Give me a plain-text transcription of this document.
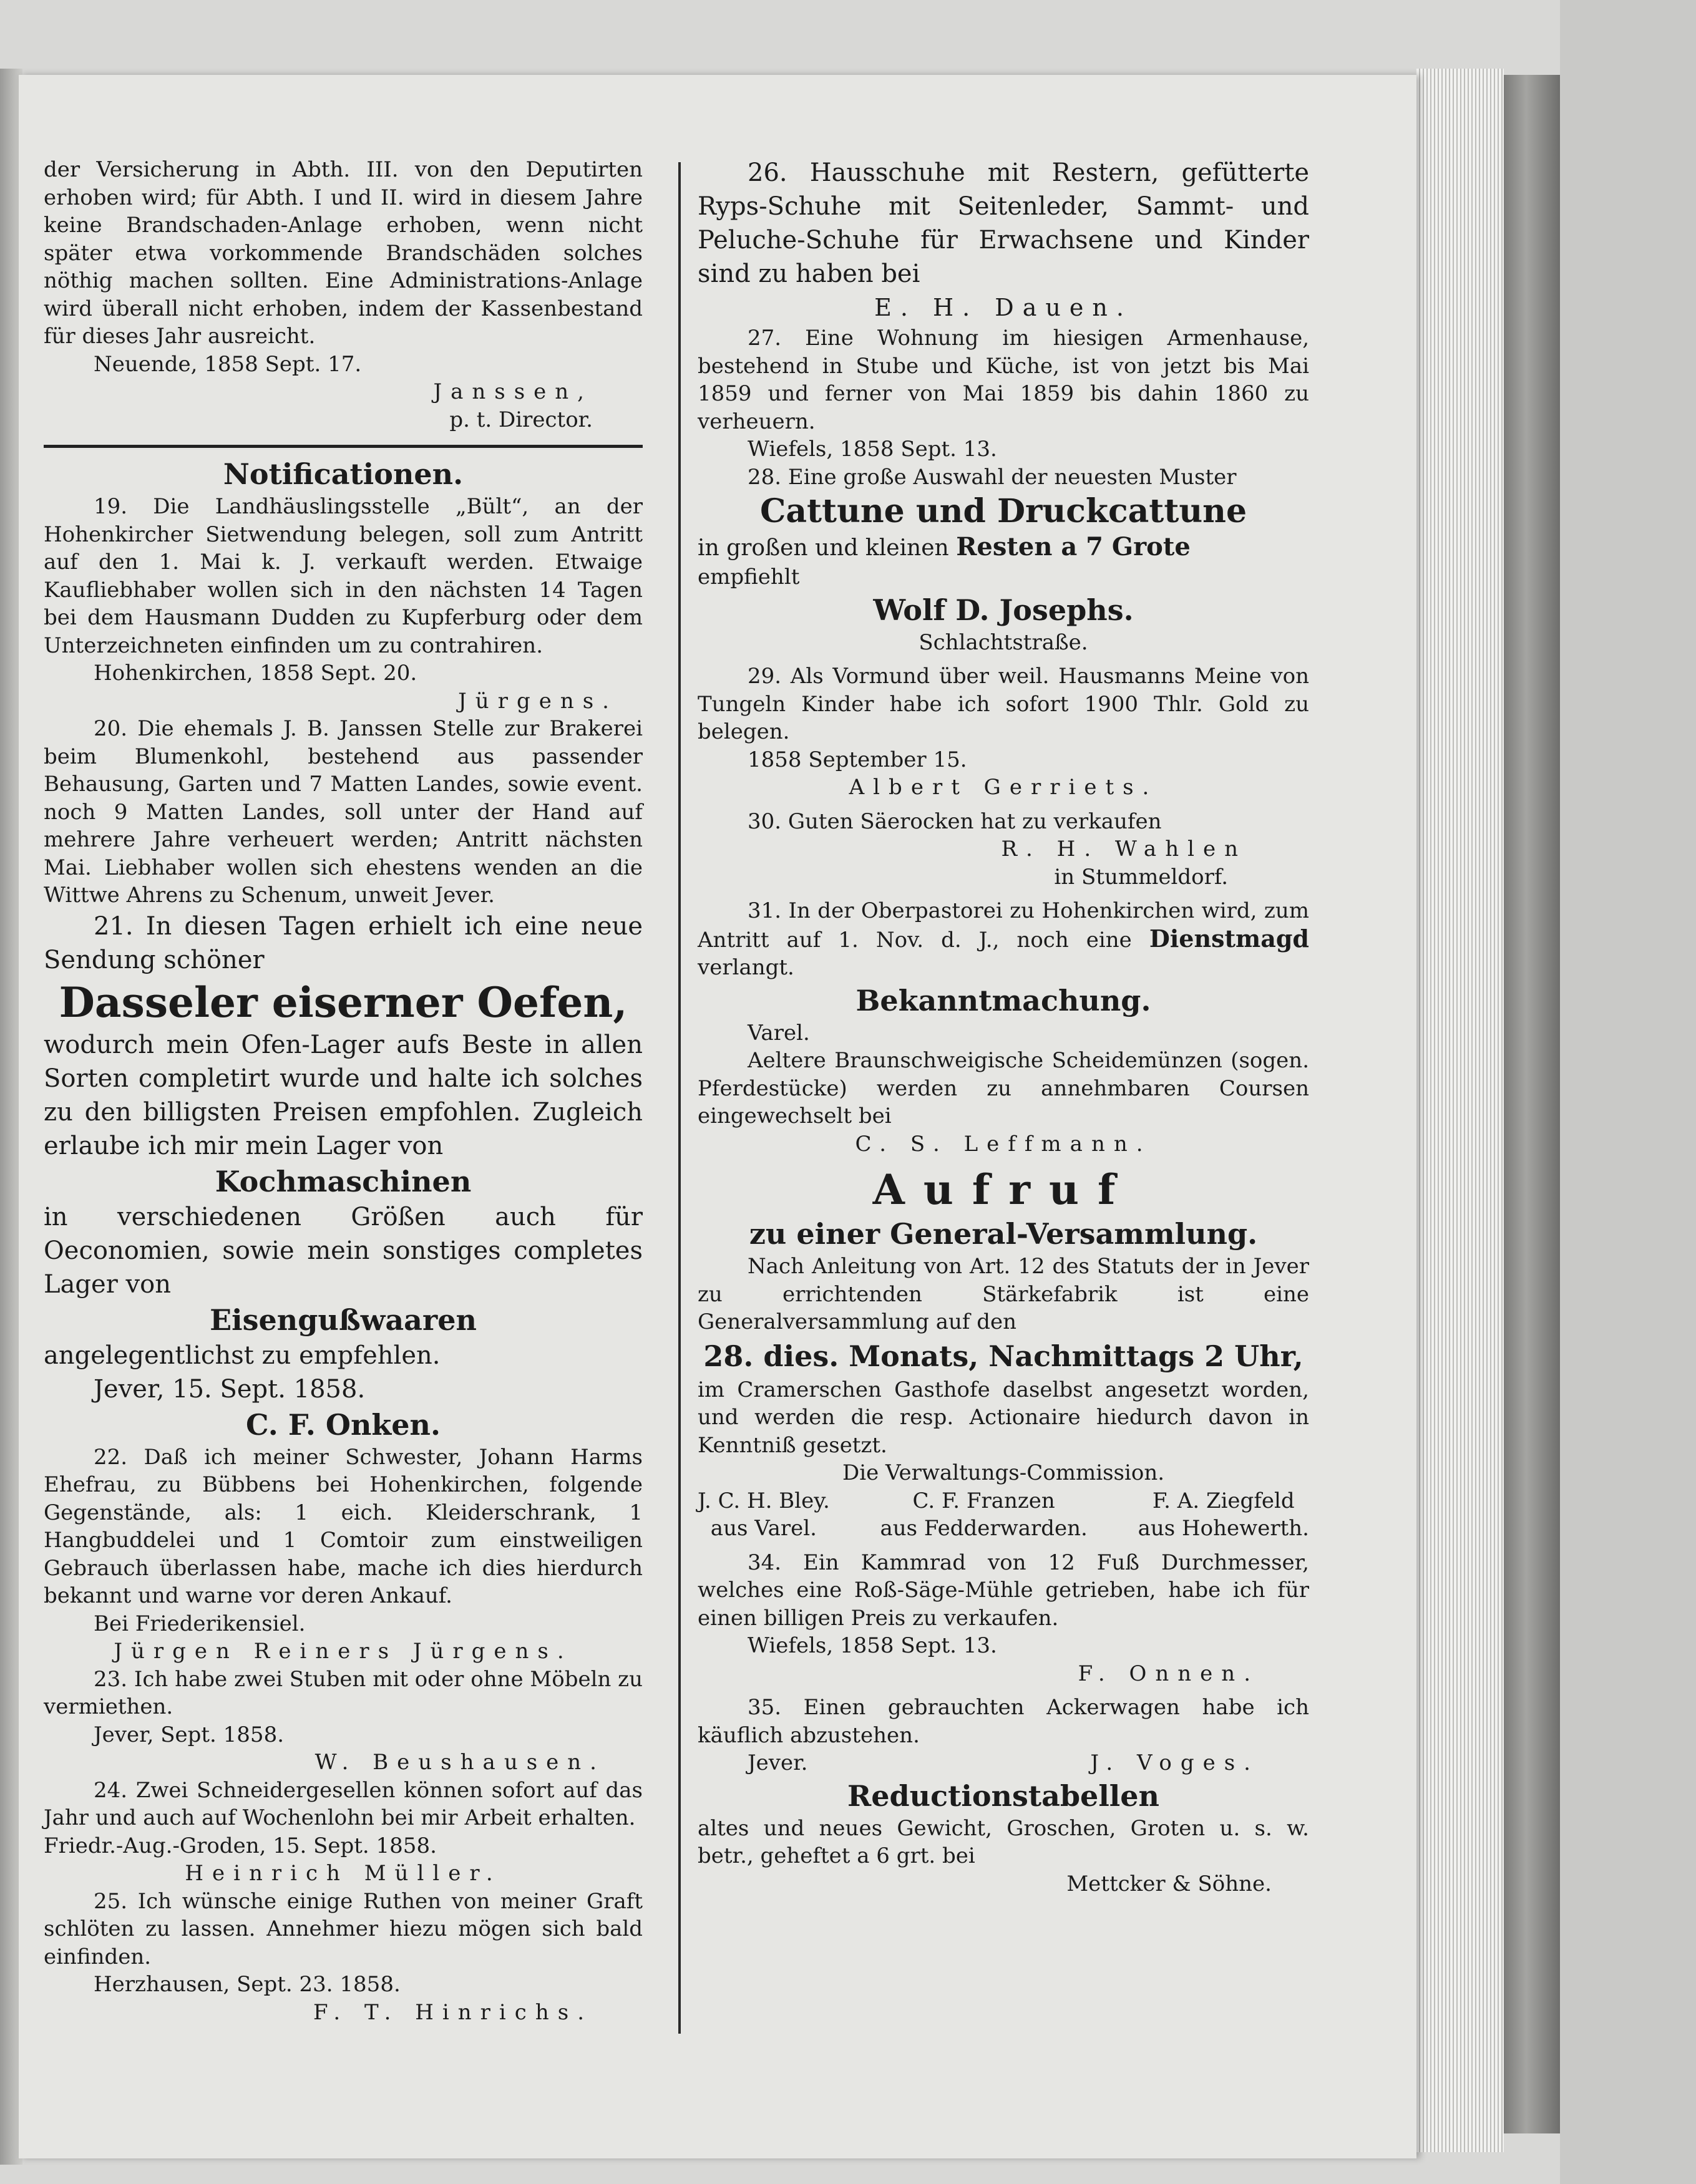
der Versicherung in Abth. III. von den Deputirten erhoben wird; für Abth. I und II. wird in diesem Jahre keine Brandschaden-Anlage erhoben, wenn nicht später etwa vorkommende Brandschäden solches nöthig machen sollten. Eine Administrations-Anlage wird überall nicht erhoben, indem der Kassenbestand für dieses Jahr ausreicht.

Neuende, 1858 Sept. 17.

Janssen,

p. t. Director.

Notificationen.

19. Die Landhäuslingsstelle „Bült“, an der Hohenkircher Sietwendung belegen, soll zum Antritt auf den 1. Mai k. J. verkauft werden. Etwaige Kaufliebhaber wollen sich in den nächsten 14 Tagen bei dem Hausmann Dudden zu Kupferburg oder dem Unterzeichneten einfinden um zu contrahiren.

Hohenkirchen, 1858 Sept. 20.

Jürgens.

20. Die ehemals J. B. Janssen Stelle zur Brakerei beim Blumenkohl, bestehend aus passender Behausung, Garten und 7 Matten Landes, sowie event. noch 9 Matten Landes, soll unter der Hand auf mehrere Jahre verheuert werden; Antritt nächsten Mai. Liebhaber wollen sich ehestens wenden an die Wittwe Ahrens zu Schenum, unweit Jever.

21. In diesen Tagen erhielt ich eine neue Sendung schöner

Dasseler eiserner Oefen,

wodurch mein Ofen-Lager aufs Beste in allen Sorten completirt wurde und halte ich solches zu den billigsten Preisen empfohlen. Zugleich erlaube ich mir mein Lager von

Kochmaschinen

in verschiedenen Größen auch für Oeconomien, sowie mein sonstiges completes Lager von

Eisengußwaaren

angelegentlichst zu empfehlen.

Jever, 15. Sept. 1858.

C. F. Onken.

22. Daß ich meiner Schwester, Johann Harms Ehefrau, zu Bübbens bei Hohenkirchen, folgende Gegenstände, als: 1 eich. Kleiderschrank, 1 Hangbuddelei und 1 Comtoir zum einstweiligen Gebrauch überlassen habe, mache ich dies hierdurch bekannt und warne vor deren Ankauf.

Bei Friederikensiel.

Jürgen Reiners Jürgens.

23. Ich habe zwei Stuben mit oder ohne Möbeln zu vermiethen.

Jever, Sept. 1858.

W. Beushausen.

24. Zwei Schneidergesellen können sofort auf das Jahr und auch auf Wochenlohn bei mir Arbeit erhalten.

Friedr.-Aug.-Groden, 15. Sept. 1858.

Heinrich Müller.

25. Ich wünsche einige Ruthen von meiner Graft schlöten zu lassen. Annehmer hiezu mögen sich bald einfinden.

Herzhausen, Sept. 23. 1858.

F. T. Hinrichs.

26. Hausschuhe mit Restern, gefütterte Ryps-Schuhe mit Seitenleder, Sammt- und Peluche-Schuhe für Erwachsene und Kinder sind zu haben bei

E. H. Dauen.

27. Eine Wohnung im hiesigen Armenhause, bestehend in Stube und Küche, ist von jetzt bis Mai 1859 und ferner von Mai 1859 bis dahin 1860 zu verheuern.

Wiefels, 1858 Sept. 13.

28. Eine große Auswahl der neuesten Muster

Cattune und Druckcattune

in großen und kleinen Resten a 7 Grote

empfiehlt

Wolf D. Josephs.

Schlachtstraße.

29. Als Vormund über weil. Hausmanns Meine von Tungeln Kinder habe ich sofort 1900 Thlr. Gold zu belegen.

1858 September 15.

Albert Gerriets.

30. Guten Säerocken hat zu verkaufen

R. H. Wahlen

in Stummeldorf.

31. In der Oberpastorei zu Hohenkirchen wird, zum Antritt auf 1. Nov. d. J., noch eine Dienstmagd verlangt.

Bekanntmachung.

Varel.

Aeltere Braunschweigische Scheidemünzen (sogen. Pferdestücke) werden zu annehmbaren Coursen eingewechselt bei

C. S. Leffmann.

Aufruf

zu einer General-Versammlung.

Nach Anleitung von Art. 12 des Statuts der in Jever zu errichtenden Stärkefabrik ist eine Generalversammlung auf den

28. dies. Monats, Nachmittags 2 Uhr,

im Cramerschen Gasthofe daselbst angesetzt worden, und werden die resp. Actionaire hiedurch davon in Kenntniß gesetzt.

Die Verwaltungs-Commission.

J. C. H. Bley.

aus Varel.

C. F. Franzen

aus Fedderwarden.

F. A. Ziegfeld

aus Hohewerth.

34. Ein Kammrad von 12 Fuß Durchmesser, welches eine Roß-Säge-Mühle getrieben, habe ich für einen billigen Preis zu verkaufen.

Wiefels, 1858 Sept. 13.

F. Onnen.

35. Einen gebrauchten Ackerwagen habe ich käuflich abzustehen.

Jever.	J. Voges.

Reductionstabellen

altes und neues Gewicht, Groschen, Groten u. s. w. betr., geheftet a 6 grt. bei

Mettcker & Söhne.
